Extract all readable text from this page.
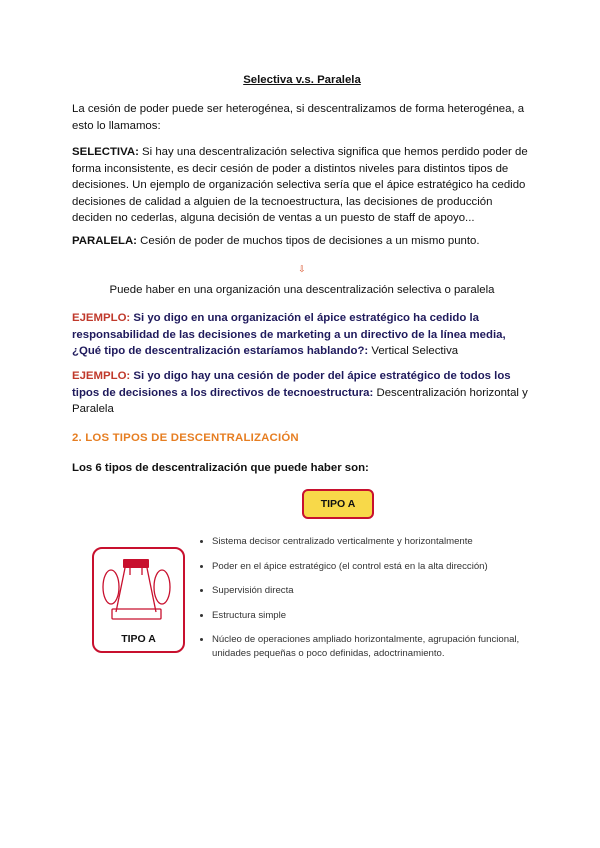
Selectiva v.s. Paralela
La cesión de poder puede ser heterogénea, si descentralizamos de forma heterogénea, a esto lo llamamos:
SELECTIVA: Si hay una descentralización selectiva significa que hemos perdido poder de forma inconsistente, es decir cesión de poder a distintos niveles para distintos tipos de decisiones. Un ejemplo de organización selectiva sería que el ápice estratégico ha cedido decisiones de calidad a alguien de la tecnoestructura, las decisiones de producción deciden no cederlas, alguna decisión de ventas a un puesto de staff de apoyo...
PARALELA: Cesión de poder de muchos tipos de decisiones a un mismo punto.
⇩
Puede haber en una organización una descentralización selectiva o paralela
EJEMPLO: Si yo digo en una organización el ápice estratégico ha cedido la responsabilidad de las decisiones de marketing a un directivo de la línea media, ¿Qué tipo de descentralización estaríamos hablando?: Vertical Selectiva
EJEMPLO: Si yo digo hay una cesión de poder del ápice estratégico de todos los tipos de decisiones a los directivos de tecnoestructura: Descentralización horizontal y Paralela
2. LOS TIPOS DE DESCENTRALIZACIÓN
Los 6 tipos de descentralización que puede haber son:
TIPO A
TIPO A
• Sistema decisor centralizado verticalmente y horizontalmente
• Poder en el ápice estratégico (el control está en la alta dirección)
• Supervisión directa
• Estructura simple
• Núcleo de operaciones ampliado horizontalmente, agrupación funcional, unidades pequeñas o poco definidas, adoctrinamiento.
